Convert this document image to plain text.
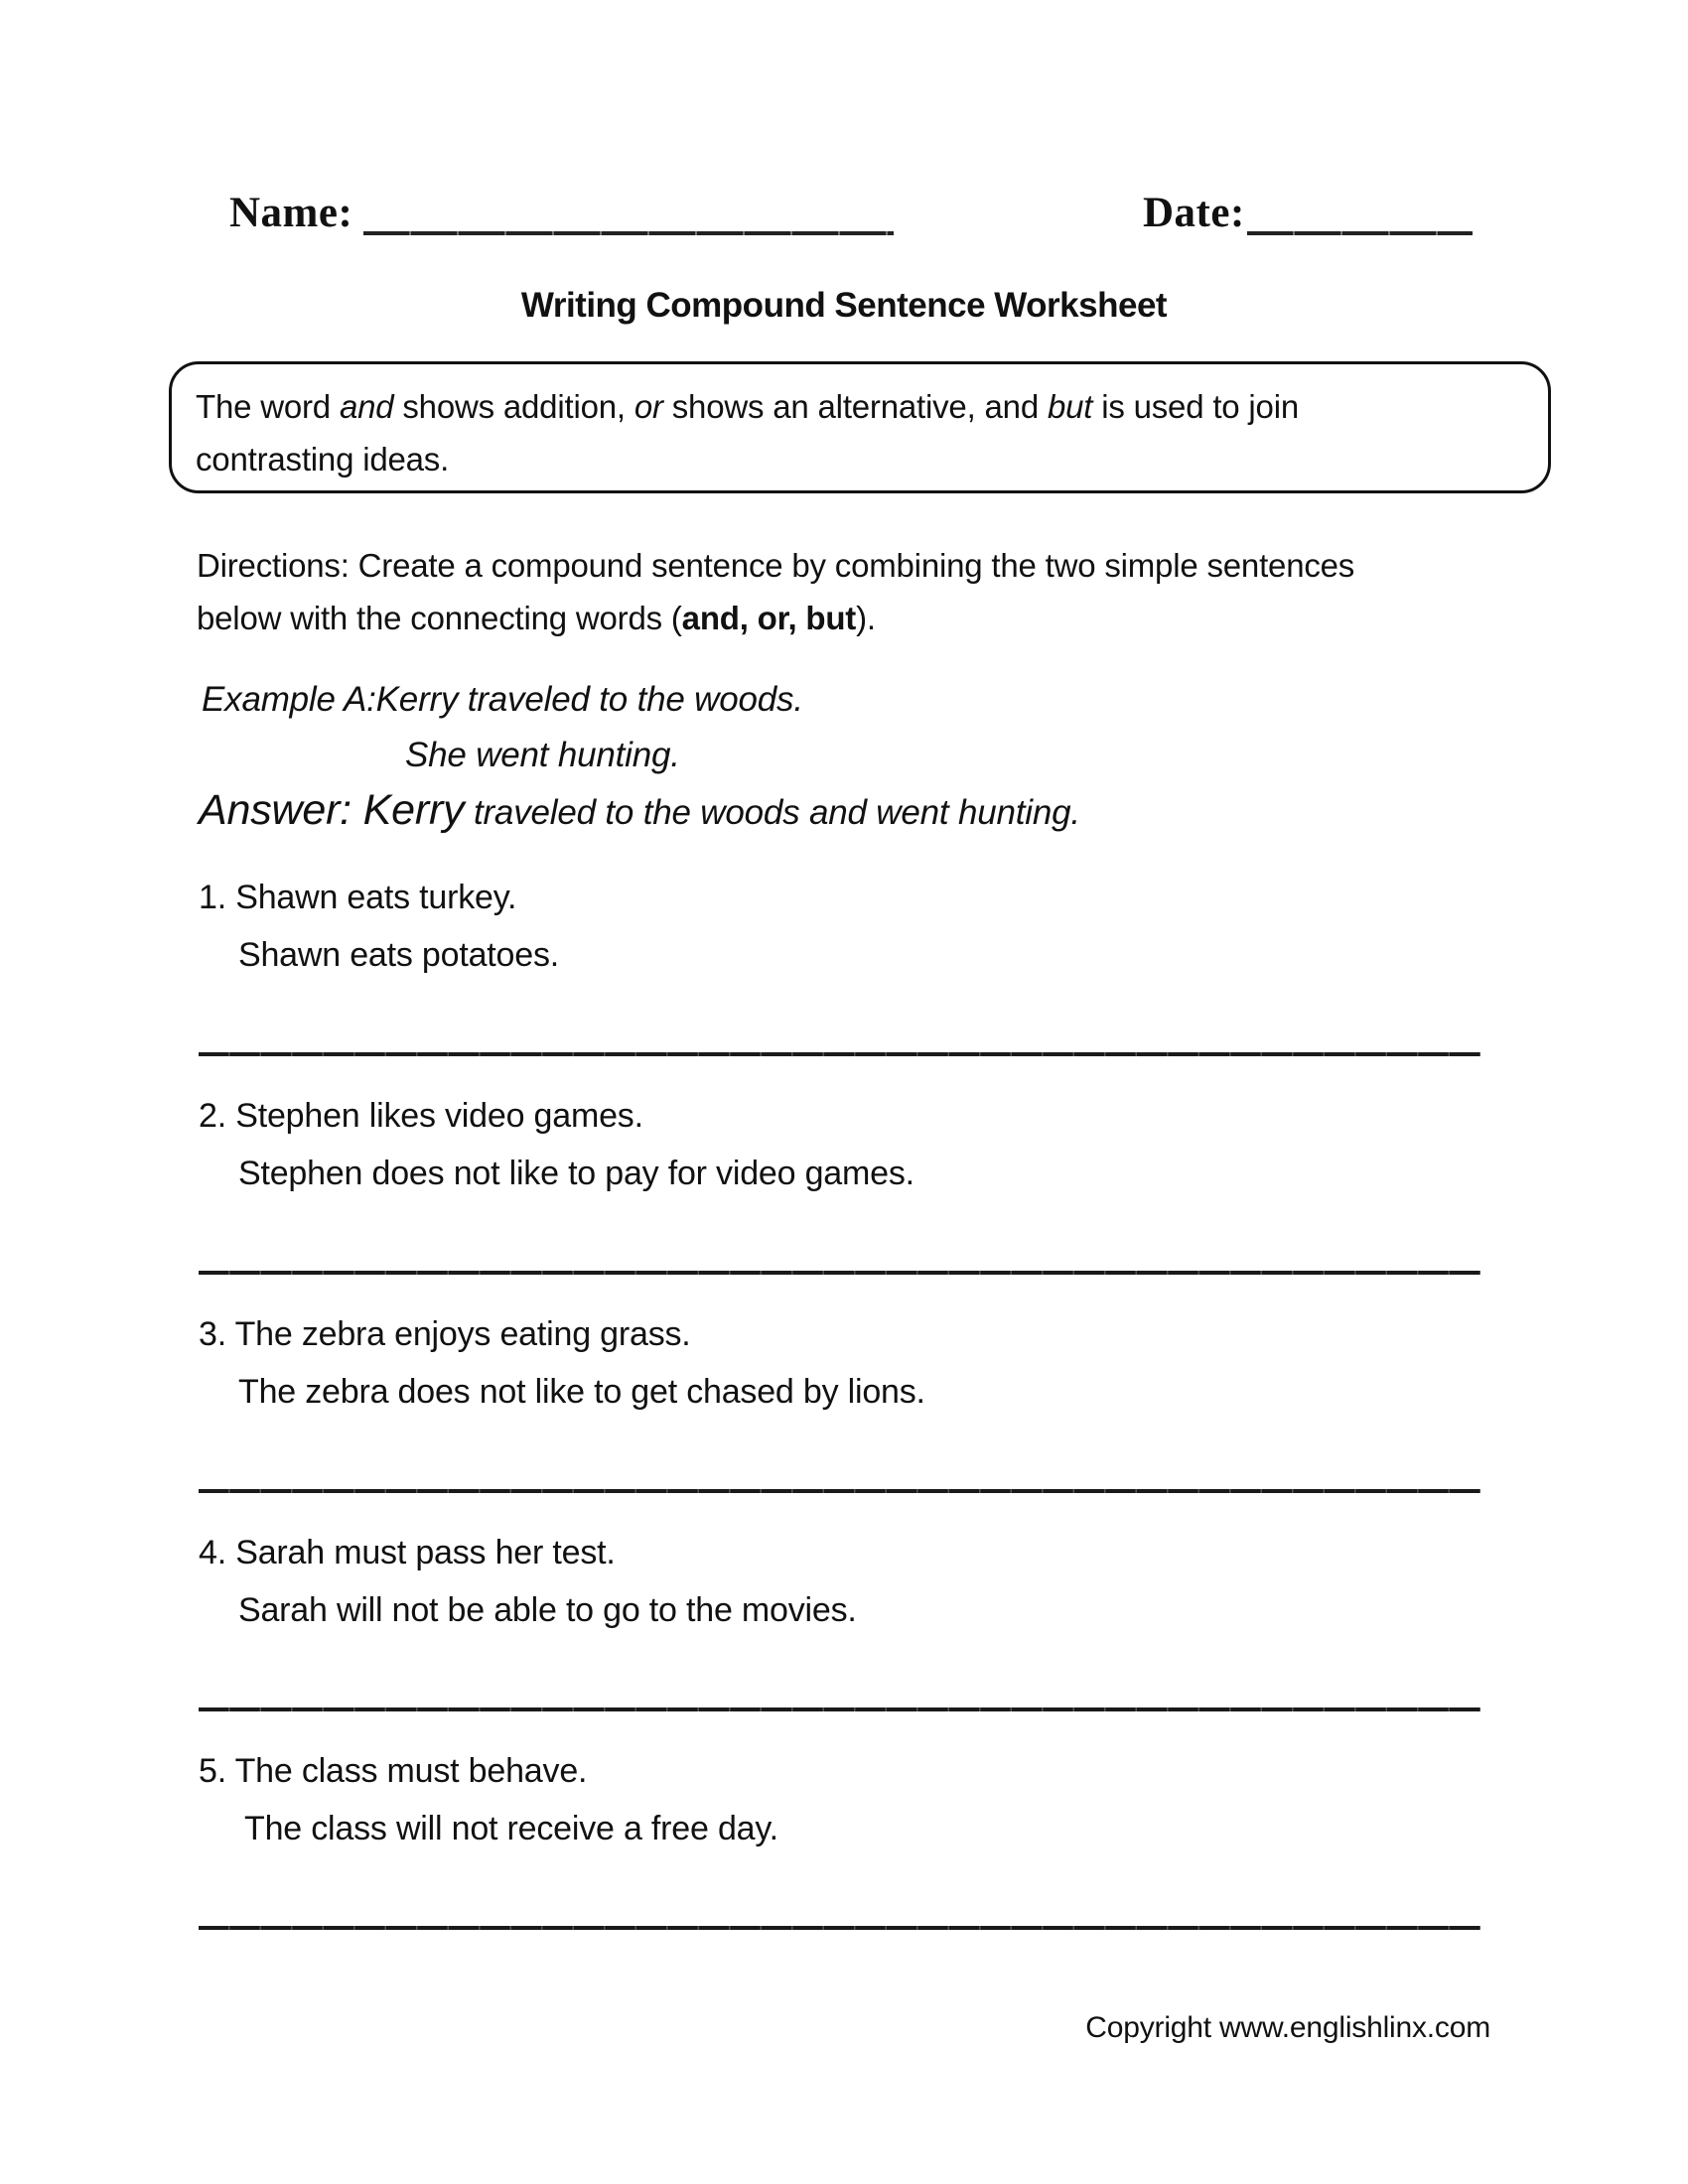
Name:	Date:
Writing Compound Sentence Worksheet
The word and shows addition, or shows an alternative, and but is used to join
contrasting ideas.
Directions: Create a compound sentence by combining the two simple sentences
below with the connecting words (and, or, but).
Example A:Kerry traveled to the woods.
She went hunting.
Answer: Kerry traveled to the woods and went hunting.
1. Shawn eats turkey.
Shawn eats potatoes.
2. Stephen likes video games.
Stephen does not like to pay for video games.
3. The zebra enjoys eating grass.
The zebra does not like to get chased by lions.
4. Sarah must pass her test.
Sarah will not be able to go to the movies.
5. The class must behave.
The class will not receive a free day.
Copyright www.englishlinx.com
